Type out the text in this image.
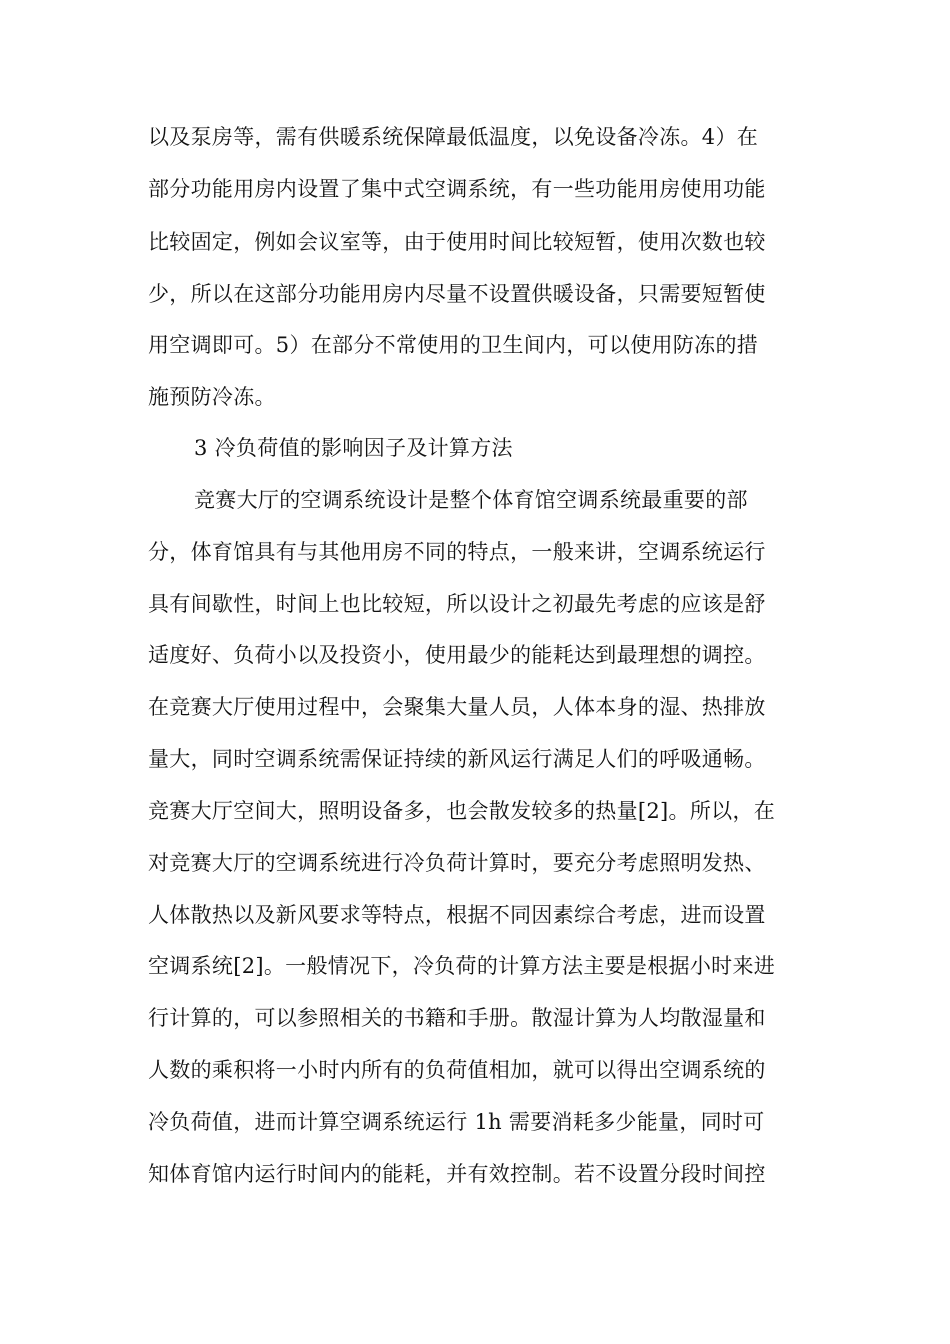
以及泵房等，需有供暖系统保障最低温度，以免设备冷冻。4）在
部分功能用房内设置了集中式空调系统，有一些功能用房使用功能
比较固定，例如会议室等，由于使用时间比较短暂，使用次数也较
少，所以在这部分功能用房内尽量不设置供暖设备，只需要短暂使
用空调即可。5）在部分不常使用的卫生间内，可以使用防冻的措
施预防冷冻。
3 冷负荷值的影响因子及计算方法
竞赛大厅的空调系统设计是整个体育馆空调系统最重要的部
分，体育馆具有与其他用房不同的特点，一般来讲，空调系统运行
具有间歇性，时间上也比较短，所以设计之初最先考虑的应该是舒
适度好、负荷小以及投资小，使用最少的能耗达到最理想的调控。
在竞赛大厅使用过程中，会聚集大量人员，人体本身的湿、热排放
量大，同时空调系统需保证持续的新风运行满足人们的呼吸通畅。
竞赛大厅空间大，照明设备多，也会散发较多的热量[2]。所以，在
对竞赛大厅的空调系统进行冷负荷计算时，要充分考虑照明发热、
人体散热以及新风要求等特点，根据不同因素综合考虑，进而设置
空调系统[2]。一般情况下，冷负荷的计算方法主要是根据小时来进
行计算的，可以参照相关的书籍和手册。散湿计算为人均散湿量和
人数的乘积将一小时内所有的负荷值相加，就可以得出空调系统的
冷负荷值，进而计算空调系统运行 1h 需要消耗多少能量，同时可
知体育馆内运行时间内的能耗，并有效控制。若不设置分段时间控
